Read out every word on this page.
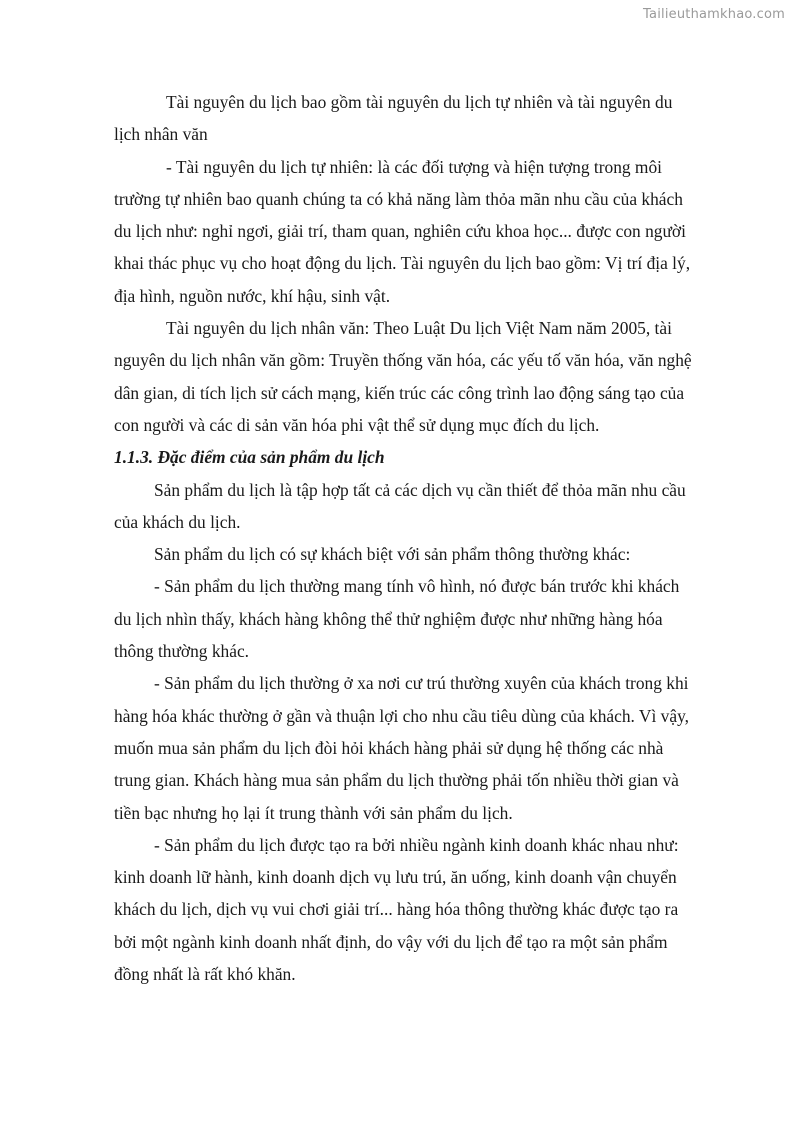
Tailieuthamkhao.com

Tài nguyên du lịch bao gồm tài nguyên du lịch tự nhiên và tài nguyên du

lịch nhân văn

- Tài nguyên du lịch tự nhiên: là các đối tượng và hiện tượng trong môi

trường tự nhiên bao quanh chúng ta có khả năng làm thỏa mãn nhu cầu của khách

du lịch như: nghỉ ngơi, giải trí, tham quan, nghiên cứu khoa học... được con người

khai thác phục vụ cho hoạt động du lịch. Tài nguyên du lịch bao gồm: Vị trí địa lý,

địa hình, nguồn nước, khí hậu, sinh vật.

Tài nguyên du lịch nhân văn: Theo Luật Du lịch Việt Nam năm 2005, tài

nguyên du lịch nhân văn gồm: Truyền thống văn hóa, các yếu tố văn hóa, văn nghệ

dân gian, di tích lịch sử cách mạng, kiến trúc các công trình lao động sáng tạo của

con người và các di sản văn hóa phi vật thể sử dụng mục đích du lịch.

1.1.3. Đặc điểm của sản phẩm du lịch

Sản phẩm du lịch là tập hợp tất cả các dịch vụ cần thiết để thỏa mãn nhu cầu

của khách du lịch.

Sản phẩm du lịch có sự khách biệt với sản phẩm thông thường khác:

- Sản phẩm du lịch thường mang tính vô hình, nó được bán trước khi khách

du lịch nhìn thấy, khách hàng không thể thử nghiệm được như những hàng hóa

thông thường khác.

- Sản phẩm du lịch thường ở xa nơi cư trú thường xuyên của khách trong khi

hàng hóa khác thường ở gần và thuận lợi cho nhu cầu tiêu dùng của khách. Vì vậy,

muốn mua sản phẩm du lịch đòi hỏi khách hàng phải sử dụng hệ thống các nhà

trung gian. Khách hàng mua sản phẩm du lịch thường phải tốn nhiều thời gian và

tiền bạc nhưng họ lại ít trung thành với sản phẩm du lịch.

- Sản phẩm du lịch được tạo ra bởi nhiều ngành kinh doanh khác nhau như:

kinh doanh lữ hành, kinh doanh dịch vụ lưu trú, ăn uống, kinh doanh vận chuyển

khách du lịch, dịch vụ vui chơi giải trí... hàng hóa thông thường khác được tạo ra

bởi một ngành kinh doanh nhất định, do vậy với du lịch để tạo ra một sản phẩm

đồng nhất là rất khó khăn.
